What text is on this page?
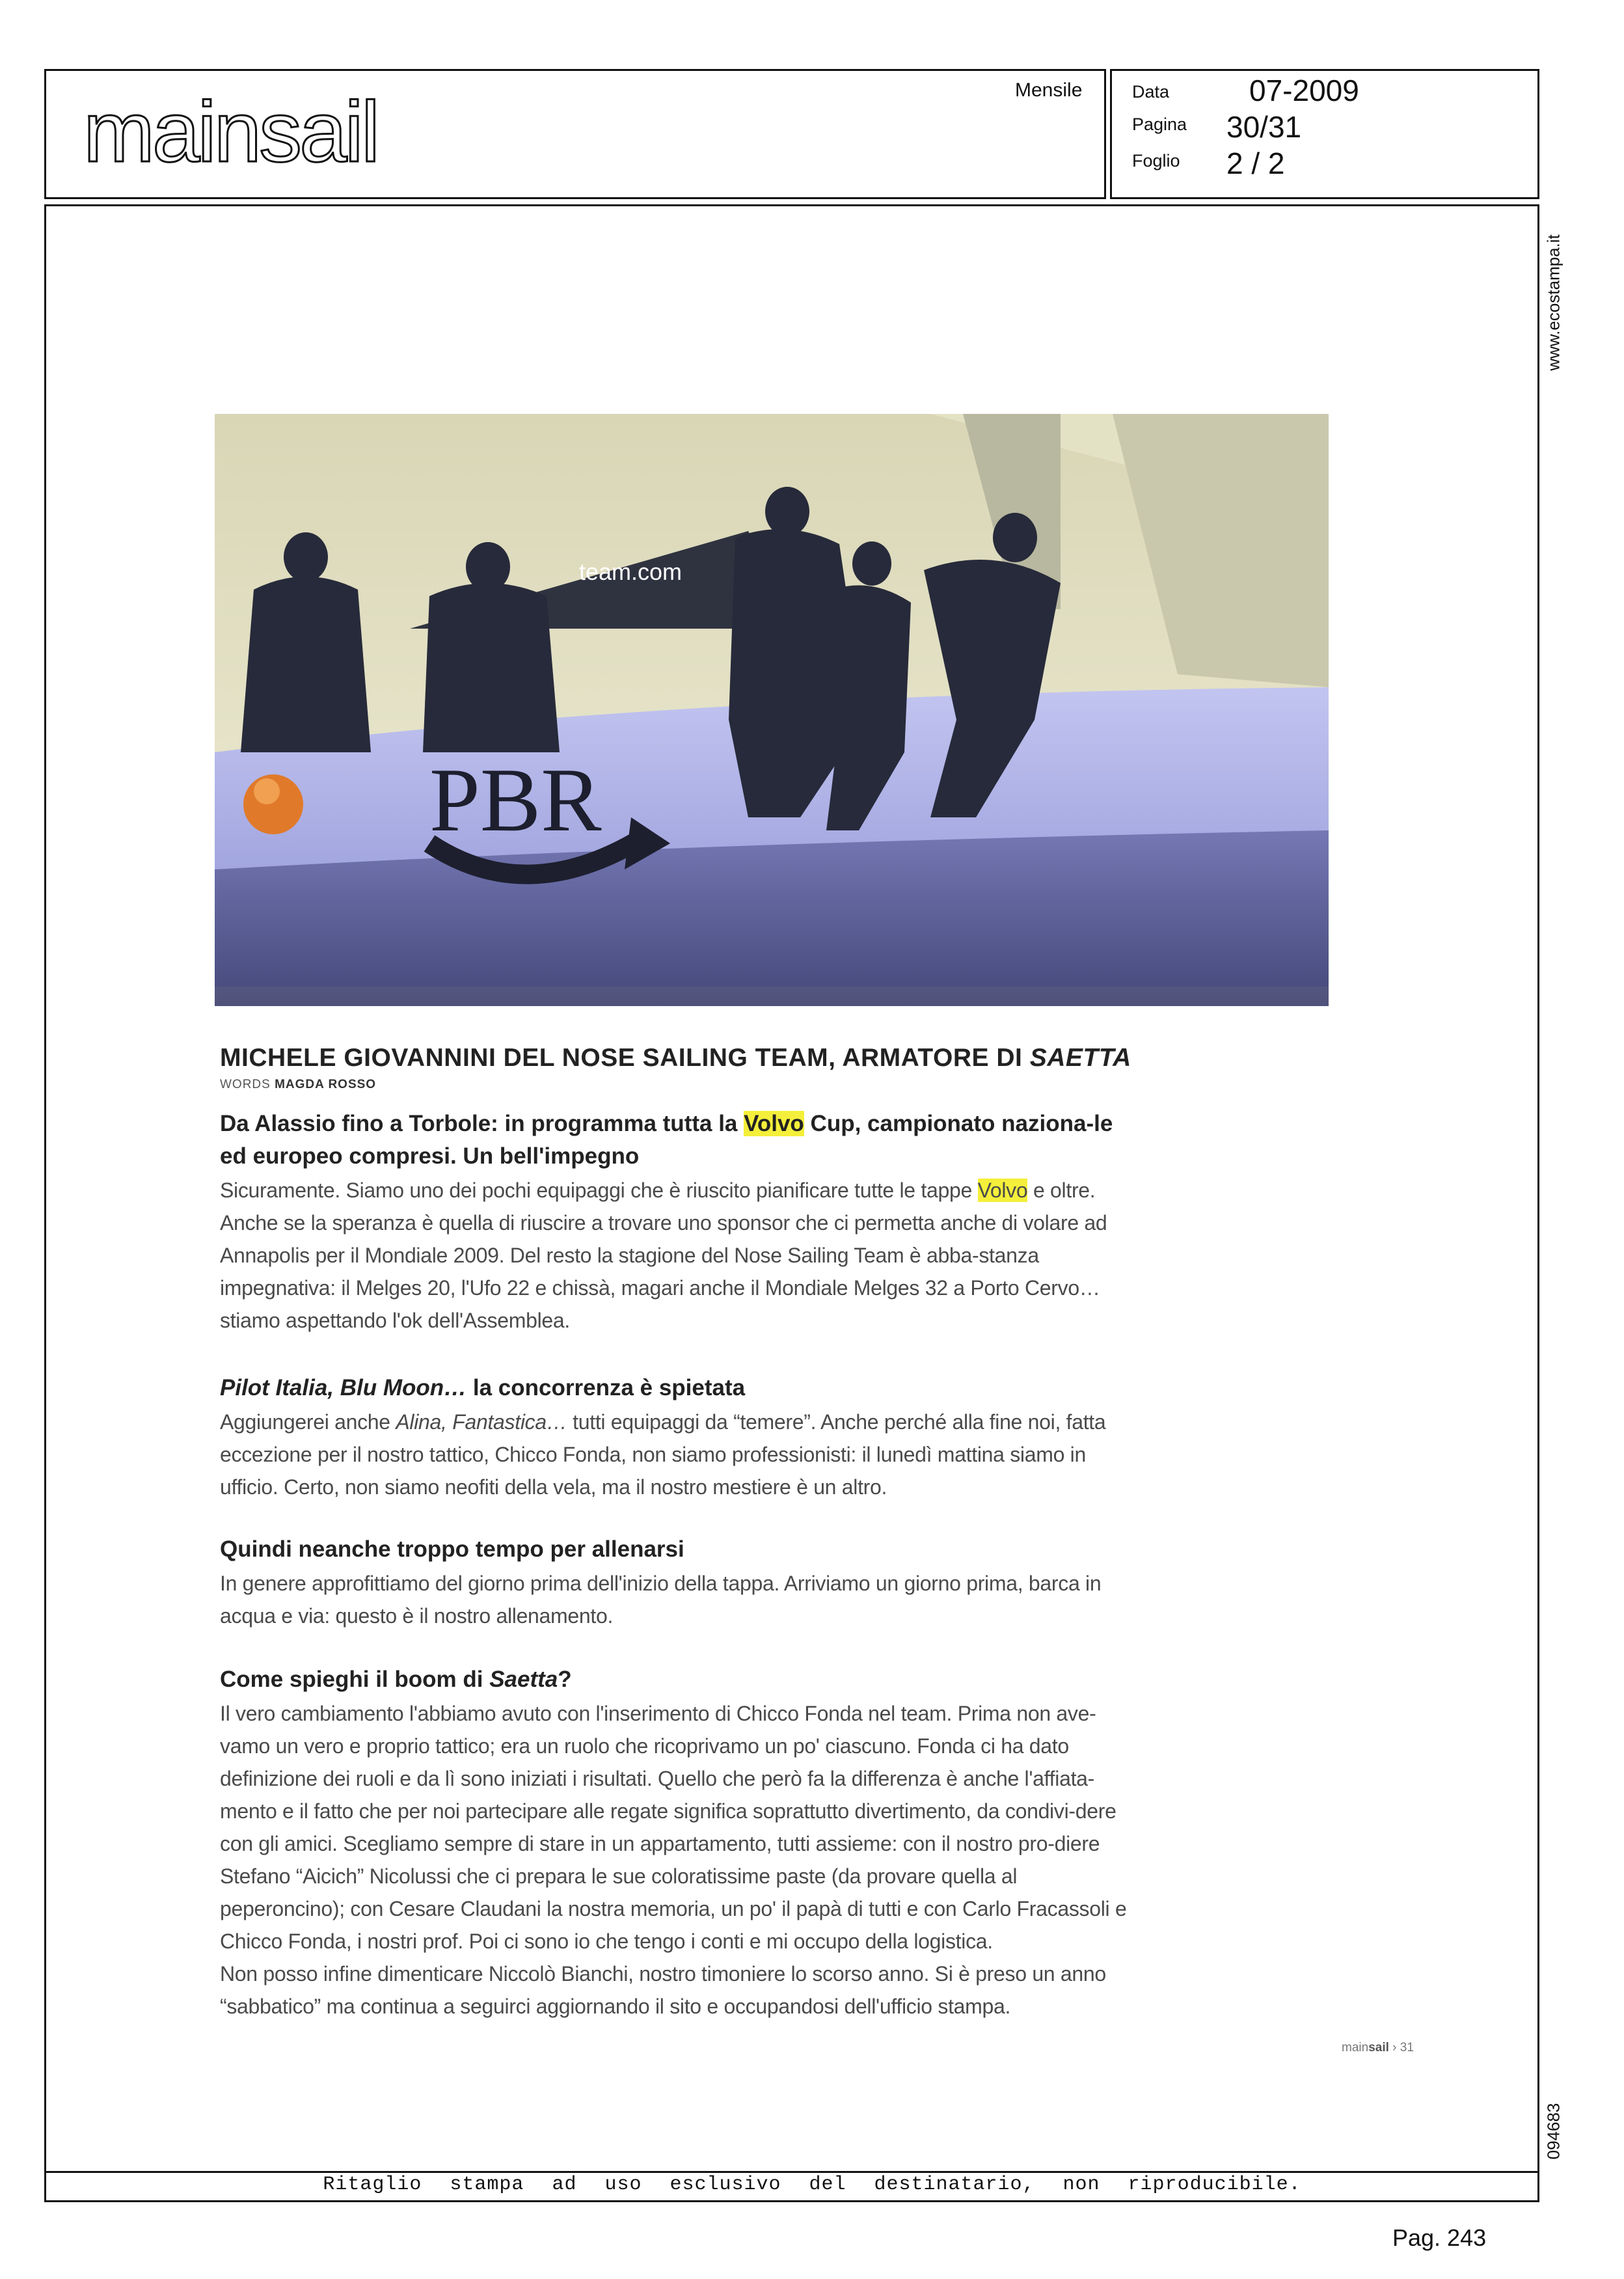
mainsail	Mensile	Data
Pagina
Foglio
07-2009
30/31
2 / 2
www.ecostampa.it
094683
team.com
PBR
MICHELE GIOVANNINI DEL NOSE SAILING TEAM, ARMATORE DI SAETTA
WORDS MAGDA ROSSO
Da Alassio fino a Torbole: in programma tutta la Volvo Cup, campionato naziona-le ed europeo compresi. Un bell'impegno
Sicuramente. Siamo uno dei pochi equipaggi che è riuscito pianificare tutte le tappe Volvo e oltre. Anche se la speranza è quella di riuscire a trovare uno sponsor che ci permetta anche di volare ad Annapolis per il Mondiale 2009. Del resto la stagione del Nose Sailing Team è abba-stanza impegnativa: il Melges 20, l'Ufo 22 e chissà, magari anche il Mondiale Melges 32 a Porto Cervo… stiamo aspettando l'ok dell'Assemblea.
Pilot Italia, Blu Moon… la concorrenza è spietata
Aggiungerei anche Alina, Fantastica… tutti equipaggi da “temere”. Anche perché alla fine noi, fatta eccezione per il nostro tattico, Chicco Fonda, non siamo professionisti: il lunedì mattina siamo in ufficio. Certo, non siamo neofiti della vela, ma il nostro mestiere è un altro.
Quindi neanche troppo tempo per allenarsi
In genere approfittiamo del giorno prima dell'inizio della tappa. Arriviamo un giorno prima, barca in acqua e via: questo è il nostro allenamento.
Come spieghi il boom di Saetta?
Il vero cambiamento l'abbiamo avuto con l'inserimento di Chicco Fonda nel team. Prima non ave-vamo un vero e proprio tattico; era un ruolo che ricoprivamo un po' ciascuno. Fonda ci ha dato definizione dei ruoli e da lì sono iniziati i risultati. Quello che però fa la differenza è anche l'affiata-mento e il fatto che per noi partecipare alle regate significa soprattutto divertimento, da condivi-dere con gli amici. Scegliamo sempre di stare in un appartamento, tutti assieme: con il nostro pro-diere Stefano “Aicich” Nicolussi che ci prepara le sue coloratissime paste (da provare quella al peperoncino); con Cesare Claudani la nostra memoria, un po' il papà di tutti e con Carlo Fracassoli e Chicco Fonda, i nostri prof. Poi ci sono io che tengo i conti e mi occupo della logistica.
Non posso infine dimenticare Niccolò Bianchi, nostro timoniere lo scorso anno. Si è preso un anno “sabbatico” ma continua a seguirci aggiornando il sito e occupandosi dell'ufficio stampa.
mainsail › 31
Ritaglio stampa ad uso esclusivo del destinatario, non riproducibile.
Pag. 243
